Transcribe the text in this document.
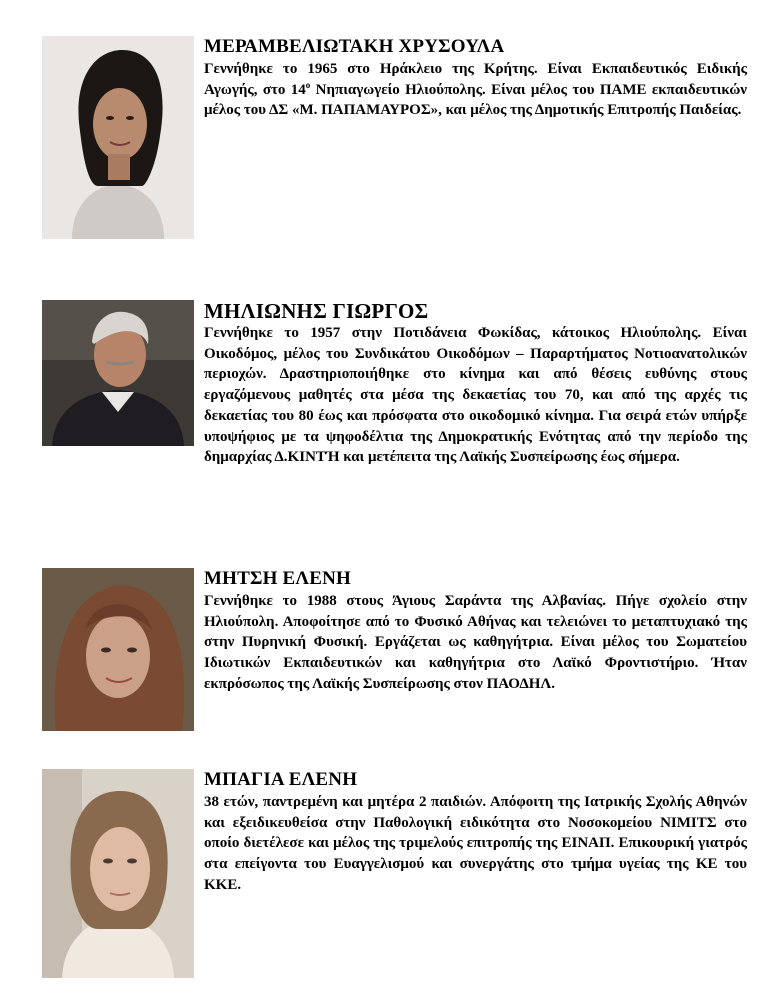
ΜΕΡΑΜΒΕΛΙΩΤΑΚΗ ΧΡΥΣΟΥΛΑ

Γεννήθηκε το 1965 στο Ηράκλειο της Κρήτης. Είναι Εκπαιδευτικός Ειδικής Αγωγής, στο $14^o$ Νηπιαγωγείο Ηλιούπολης. Είναι μέλος του ΠΑΜΕ εκπαιδευτικών μέλος του ΔΣ «Μ. ΠΑΠΑΜΑΥΡΟΣ», και μέλος της Δημοτικής Επιτροπής Παιδείας.

ΜΗΛΙΩΝΗΣ ΓΙΩΡΓΟΣ

Γεννήθηκε το 1957 στην Ποτιδάνεια Φωκίδας, κάτοικος Ηλιούπολης. Είναι Οικοδόμος, μέλος του Συνδικάτου Οικοδόμων – Παραρτήματος Νοτιοανατολικών περιοχών. Δραστηριοποιήθηκε στο κίνημα και από θέσεις ευθύνης στους εργαζόμενους μαθητές στα μέσα της δεκαετίας του 70, και από της αρχές τις δεκαετίας του 80 έως και πρόσφατα στο οικοδομικό κίνημα. Για σειρά ετών υπήρξε υποψήφιος με τα ψηφοδέλτια της Δημοκρατικής Ενότητας από την περίοδο της δημαρχίας Δ.ΚΙΝΤΉ και μετέπειτα της Λαϊκής Συσπείρωσης έως σήμερα.

ΜΗΤΣΗ ΕΛΕΝΗ

Γεννήθηκε το 1988 στους Άγιους Σαράντα της Αλβανίας. Πήγε σχολείο στην Ηλιούπολη. Αποφοίτησε από το Φυσικό Αθήνας και τελειώνει το μεταπτυχιακό της στην Πυρηνική Φυσική. Εργάζεται ως καθηγήτρια. Είναι μέλος του Σωματείου Ιδιωτικών Εκπαιδευτικών και καθηγήτρια στο Λαϊκό Φροντιστήριο. Ήταν εκπρόσωπος της Λαϊκής Συσπείρωσης στον ΠΑΟΔΗΛ.

ΜΠΑΓΙΑ ΕΛΕΝΗ

38 ετών, παντρεμένη και μητέρα 2 παιδιών. Απόφοιτη της Ιατρικής Σχολής Αθηνών και εξειδικευθείσα στην Παθολογική ειδικότητα στο Νοσοκομείου ΝΙΜΙΤΣ στο οποίο διετέλεσε και μέλος της τριμελούς επιτροπής της ΕΙΝΑΠ. Επικουρική γιατρός στα επείγοντα του Ευαγγελισμού και συνεργάτης στο τμήμα υγείας της ΚΕ του ΚΚΕ.
